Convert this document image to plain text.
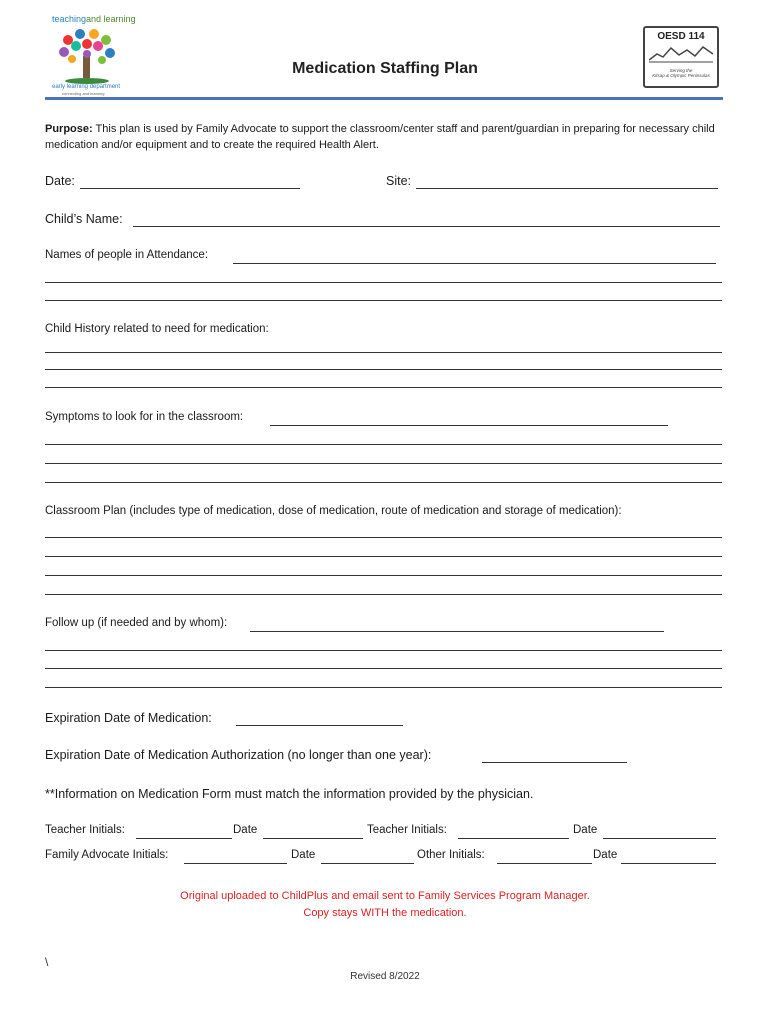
teachingand learning
early learning department
connecting and learning
Medication Staffing Plan
OESD 114
Serving the
Kitsap & Olympic Peninsulas
Purpose: This plan is used by Family Advocate to support the classroom/center staff and parent/guardian in preparing for necessary child medication and/or equipment and to create the required Health Alert.
Date:	Site:
Child’s Name:
Names of people in Attendance:
Child History related to need for medication:
Symptoms to look for in the classroom:
Classroom Plan (includes type of medication, dose of medication, route of medication and storage of medication):
Follow up (if needed and by whom):
Expiration Date of Medication:
Expiration Date of Medication Authorization (no longer than one year):
**Information on Medication Form must match the information provided by the physician.
Teacher Initials:	Date	Teacher Initials:	Date
Family Advocate Initials:	Date	Other Initials:	Date
Original uploaded to ChildPlus and email sent to Family Services Program Manager.
Copy stays WITH the medication.
\
Revised 8/2022
